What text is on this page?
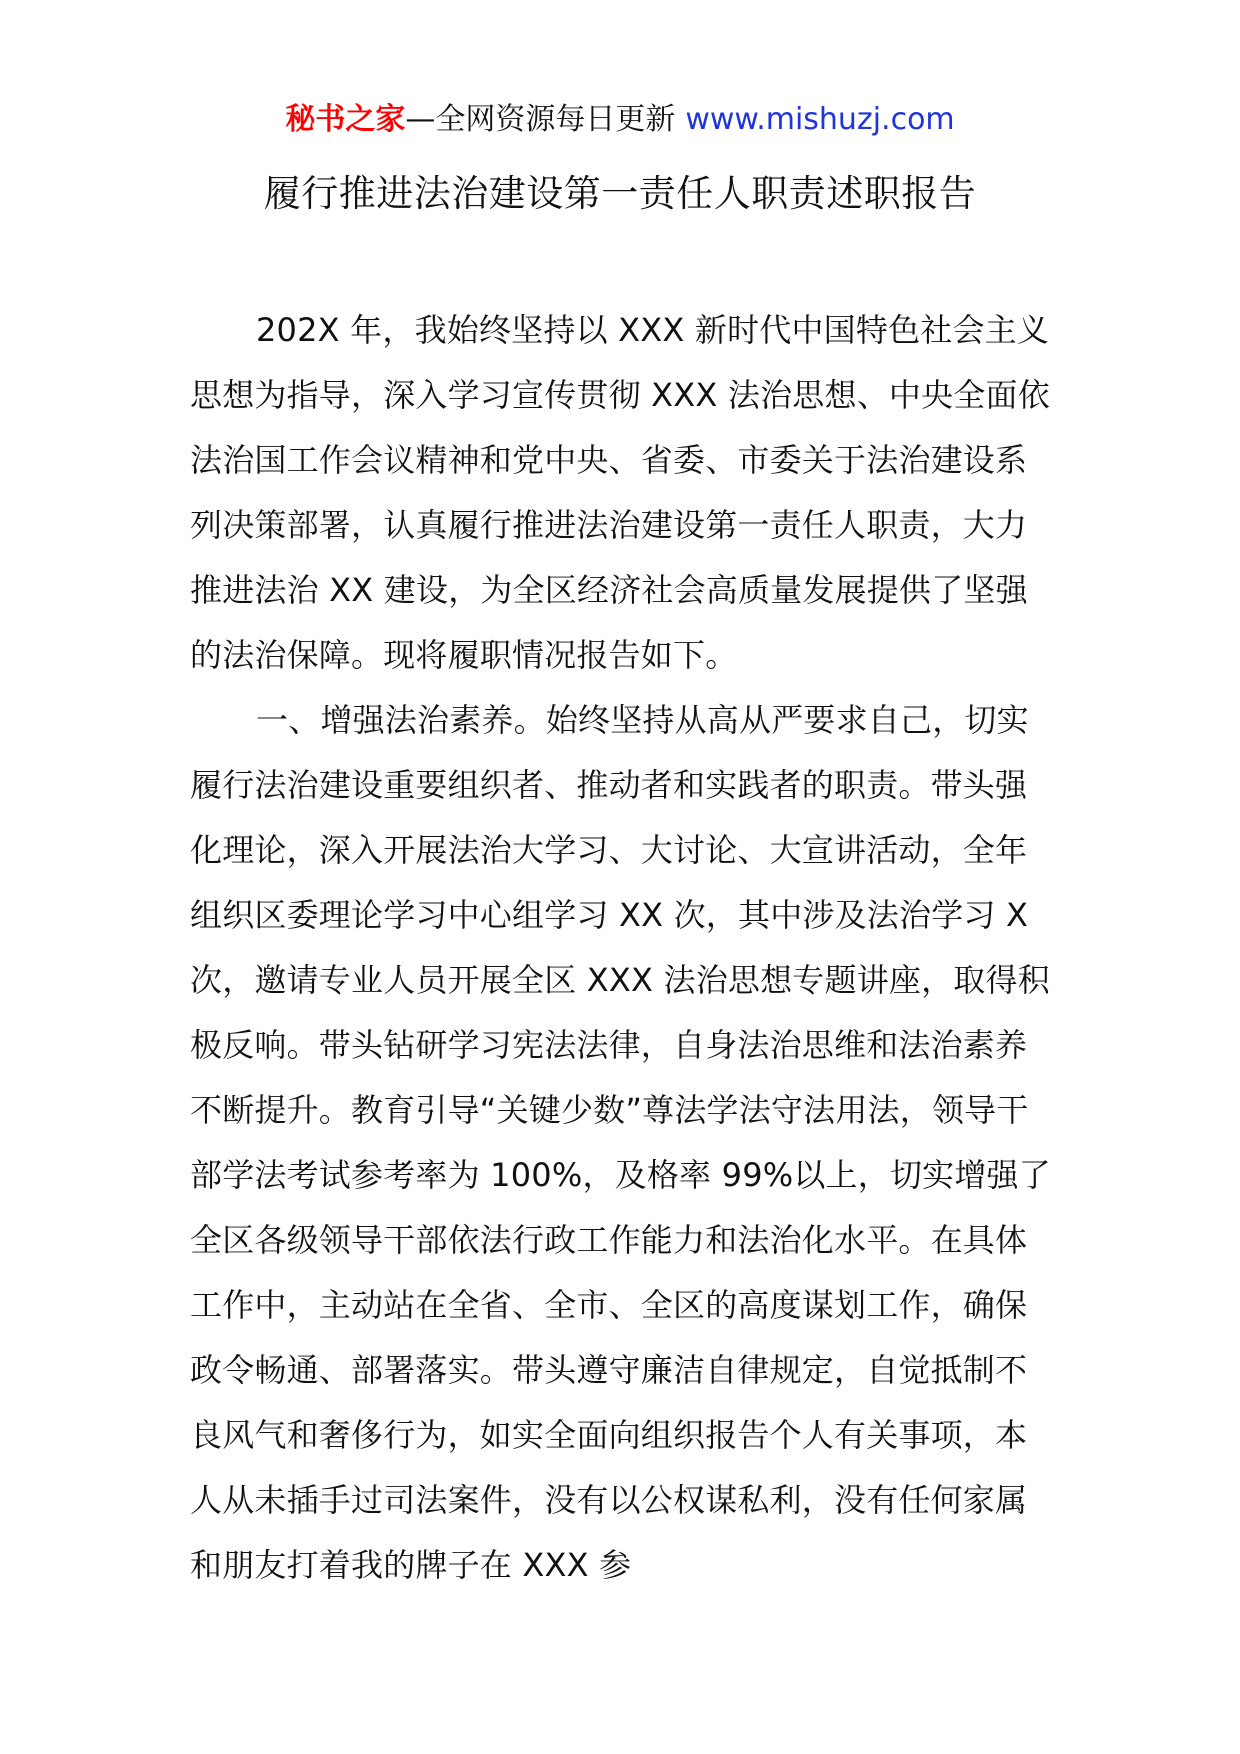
秘书之家—全网资源每日更新 www.mishuzj.com
履行推进法治建设第一责任人职责述职报告

202X 年，我始终坚持以 XXX 新时代中国特色社会主义思想为指导，深入学习宣传贯彻 XXX 法治思想、中央全面依法治国工作会议精神和党中央、省委、市委关于法治建设系列决策部署，认真履行推进法治建设第一责任人职责，大力推进法治 XX 建设，为全区经济社会高质量发展提供了坚强的法治保障。现将履职情况报告如下。

一、增强法治素养。始终坚持从高从严要求自己，切实履行法治建设重要组织者、推动者和实践者的职责。带头强化理论，深入开展法治大学习、大讨论、大宣讲活动，全年组织区委理论学习中心组学习 XX 次，其中涉及法治学习 X 次，邀请专业人员开展全区 XXX 法治思想专题讲座，取得积极反响。带头钻研学习宪法法律，自身法治思维和法治素养不断提升。教育引导“关键少数”尊法学法守法用法，领导干部学法考试参考率为 100%，及格率 99%以上，切实增强了全区各级领导干部依法行政工作能力和法治化水平。在具体工作中，主动站在全省、全市、全区的高度谋划工作，确保政令畅通、部署落实。带头遵守廉洁自律规定，自觉抵制不良风气和奢侈行为，如实全面向组织报告个人有关事项，本人从未插手过司法案件，没有以公权谋私利，没有任何家属和朋友打着我的牌子在 XXX 参
